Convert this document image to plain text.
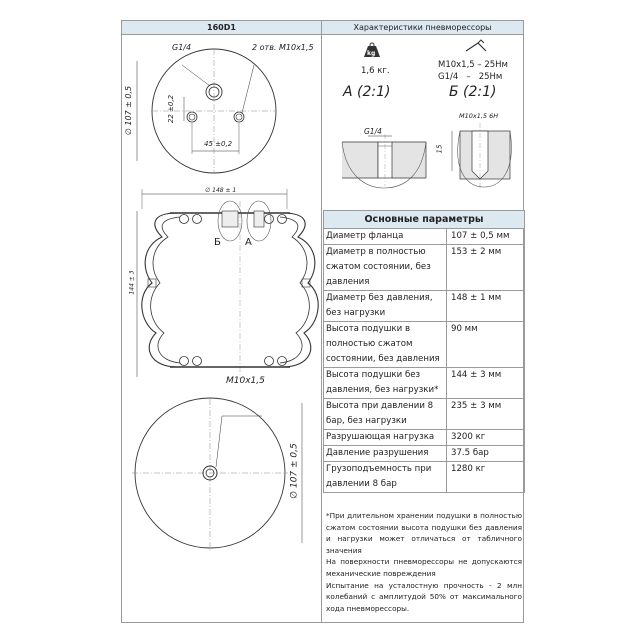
160D1	Характеристики пневморессоры
G1/4	2 отв. M10x1,5
∅ 107 ± 0,5	22 ±0,2
45 ±0,2
∅ 148 ± 1
144 ± 3
Б А
M10x1,5
∅ 107 ± 0,5
kg
1,6 кг.
M10x1,5 – 25Нм
G1/4   –   25Нм
А (2:1)	Б (2:1)
G1/4
M10x1,5 6H
15
Основные параметры	
Диаметр фланца	107 ± 0,5 мм
Диаметр в полностью сжатом состоянии, без давления	153 ± 2 мм
Диаметр без давления, без нагрузки	148 ± 1 мм
Высота подушки в полностью сжатом состоянии, без давления	90 мм
Высота подушки без давления, без нагрузки*	144 ± 3 мм
Высота при давлении 8 бар, без нагрузки	235 ± 3 мм
Разрушающая нагрузка	3200 кг
Давление разрушения	37.5 бар
Грузоподъемность при давлении 8 бар	1280 кг
*При длительном хранении подушки в полностью сжатом состоянии высота подушки без давления и нагрузки может отличаться от табличного значения
На поверхности пневморессоры не допускаются механические повреждения
Испытание на усталостную прочность - 2 млн колебаний с амплитудой 50% от максимального хода пневморессоры.
